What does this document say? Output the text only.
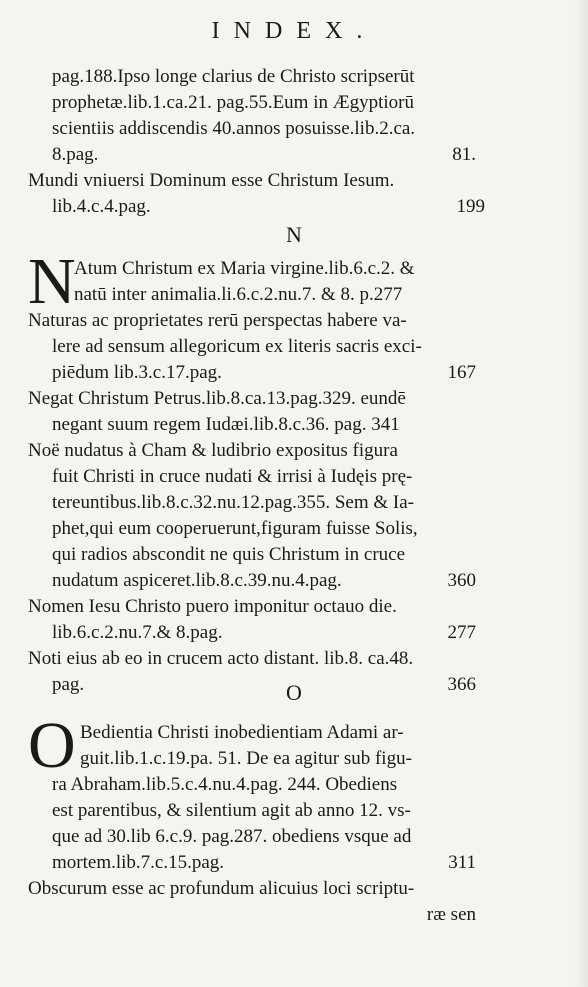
INDEX.
pag.188.Ipso longe clarius de Christo scripserūt
prophetæ.lib.1.ca.21. pag.55.Eum in Ægyptiorū
scientiis addiscendis 40.annos posuisse.lib.2.ca.
8.pag.	81.
Mundi vniuersi Dominum esse Christum Iesum.
lib.4.c.4.pag.	199
N
N
Atum Christum ex Maria virgine.lib.6.c.2. &
natū inter animalia.li.6.c.2.nu.7. & 8. p.277
Naturas ac proprietates rerū perspectas habere va-
lere ad sensum allegoricum ex literis sacris exci-
piēdum lib.3.c.17.pag.	167
Negat Christum Petrus.lib.8.ca.13.pag.329. eundē
negant suum regem Iudæi.lib.8.c.36. pag. 341
Noë nudatus à Cham & ludibrio expositus figura
fuit Christi in cruce nudati & irrisi à Iudęis prę-
tereuntibus.lib.8.c.32.nu.12.pag.355. Sem & Ia-
phet,qui eum cooperuerunt,figuram fuisse Solis,
qui radios abscondit ne quis Christum in cruce
nudatum aspiceret.lib.8.c.39.nu.4.pag.	360
Nomen Iesu Christo puero imponitur octauo die.
lib.6.c.2.nu.7.& 8.pag.	277
Noti eius ab eo in crucem acto distant. lib.8. ca.48.
pag.	366
O
O Bedientia Christi inobedientiam Adami ar-
guit.lib.1.c.19.pa. 51. De ea agitur sub figu-
ra Abraham.lib.5.c.4.nu.4.pag. 244. Obediens
est parentibus, & silentium agit ab anno 12. vs-
que ad 30.lib 6.c.9. pag.287. obediens vsque ad
mortem.lib.7.c.15.pag.	311
Obscurum esse ac profundum alicuius loci scriptu-
ræ sen
